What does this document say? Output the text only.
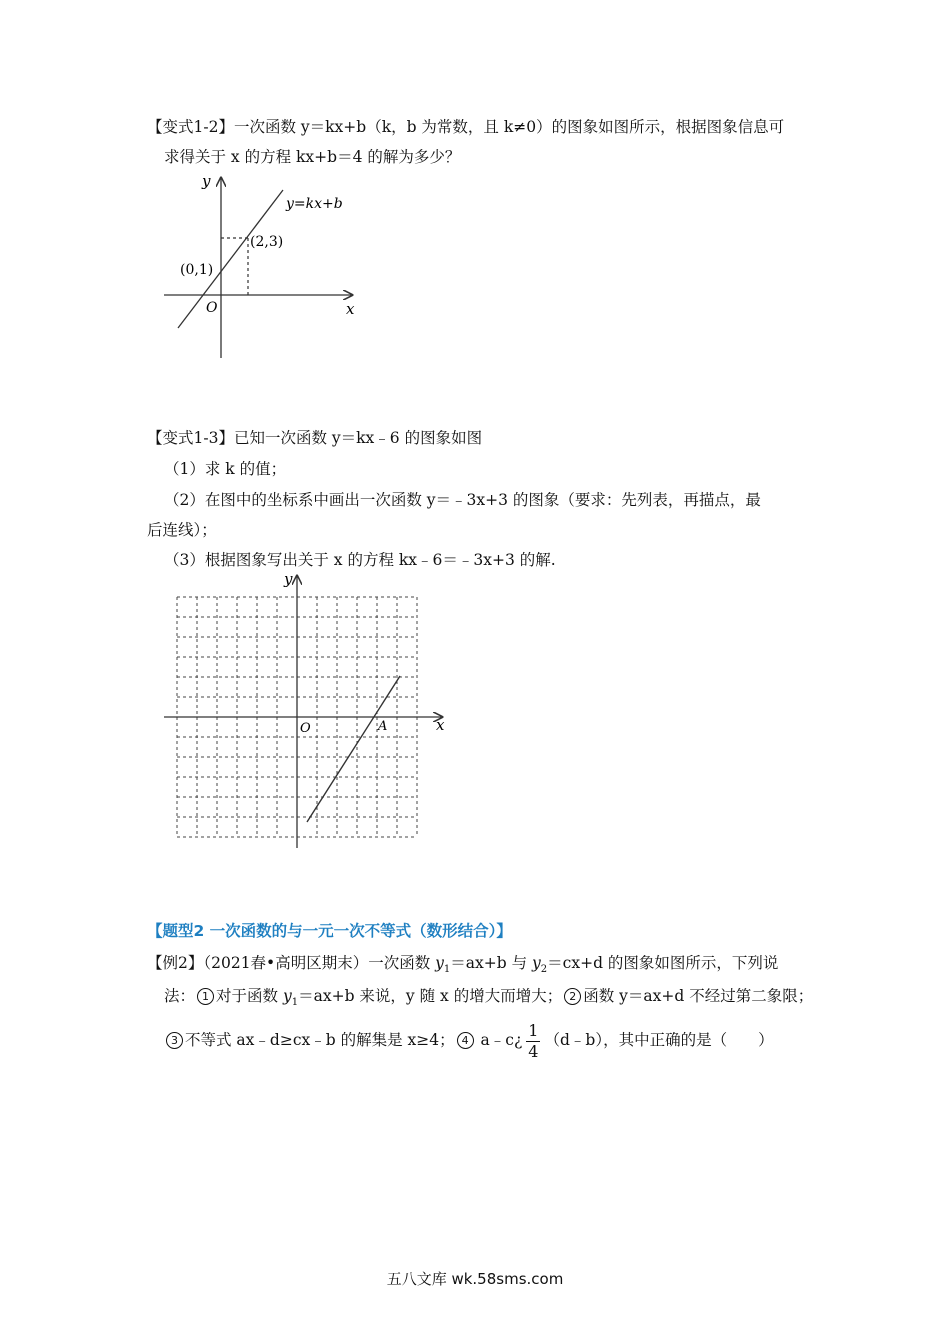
【变式1-2】一次函数 y＝kx+b（k，b 为常数，且 k≠0）的图象如图所示，根据图象信息可
求得关于 x 的方程 kx+b＝4 的解为多少？
y
x
O
y=kx+b
(0,1)
(2,3)
【变式1-3】已知一次函数 y＝kx﹣6 的图象如图
（1）求 k 的值；
（2）在图中的坐标系中画出一次函数 y＝﹣3x+3 的图象（要求：先列表，再描点，最
后连线）；
（3）根据图象写出关于 x 的方程 kx﹣6＝﹣3x+3 的解.
y
x
O	A
【题型2 一次函数的与一元一次不等式（数形结合）】
【例2】（2021春•高明区期末）一次函数 $y_1=ax+b$ 与 $y_2=cx+d$ 的图象如图所示，下列说
法： 1 对于函数 $y_1=ax+b$ 来说，y 随 x 的增大而增大； 2 函数 y＝ax+d 不经过第二象限；
3 不等式 ax﹣d≥cx﹣b 的解集是 x≥4； 4 a﹣c¿ $\frac{1}{4}$ （d﹣b），其中正确的是（　　）
五八文库 wk.58sms.com
